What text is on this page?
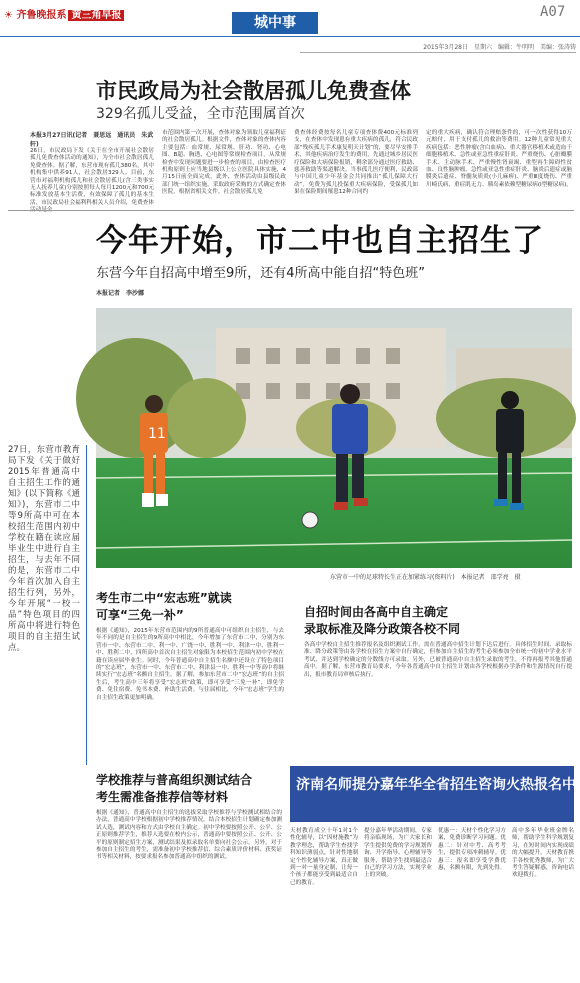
☀ 齐鲁晚报系 黄三角早报	城中事
A07
2015年3月28日　星期六　编辑：牛明明　美编：张涛铸
市民政局为社会散居孤儿免费查体
329名孤儿受益，全市范围属首次
本报3月27日讯(记者　聂思远　通讯员　朱武轩)
26日，市民政局下发《关于在全市开展社会散居孤儿免费查体活动的通知》，为全市社会散居孤儿免费查体。据了解，东营市现有孤儿380名，其中机构集中供养91人，社会散居329人。目前，东营市对福利机构孤儿和社会散居孤儿(含三类事实无人抚养儿童)分别按照每人每月1200元和700元标准发放基本生活费，有效保障了孤儿的基本生活，市民政局社会福利科相关人员介绍，免费查体
市范围内第一次开展，查体对象为领取儿童福利证的社会散居孤儿。根据文件，查体对象的查体内容主要包括：血常规、尿常规、肝功、肾功、心电图、B超、胸透、心电图等常规检查项目，从常规检查中发现问题要进一步检查的项目，由检查医疗机构原则上应当地县级以上公立医院具体实施，4月15日前全面完成。此外，查体活动由县级民政部门统一组织实施，采取政府采购的方式确定查体医院，根据省相关文件，社会散居孤儿免
费查体经费按每名儿童专项查体费400元标准列支，在查体中发现患有重大疾病的孤儿，符合民政部“残疾孤儿手术康复明天计划”的，要尽早安排手术，其他疾病治疗发生的费用，先通过城乡居民医疗保险和大病保险报销，剩余部分通过医疗救助、慈善救助等渠道解决。当事孤儿医疗便利，民政部与中国儿童少年基金会共同推出“孤儿保障大行动”，免费为孤儿投保重大疾病保险，受保孤儿如果在保险期间罹患12种合同约
定的重大疾病，确认符合理赔条件的，可一次性获得10万元赔付，用于支付孤儿的救治等费用。12种儿童常见重大疾病包括：恶性肿瘤(含白血病)、重大器官移植术或造血干细胞移植术、急性或亚急性重症肝炎、严重烧伤、心脏瓣膜手术、主动脉手术、严重慢性肾衰竭、重型再生障碍性贫血、良性脑肿瘤、急性或亚急性重症肝炎、脑炎后遗症或脑膜炎后遗症、脊髓灰质炎(小儿麻痹)、严重Ⅲ度烧伤、严重川崎氏病、重症肌无力、胰岛素依赖型糖尿病(Ⅰ型糖尿病)。
今年开始，市二中也自主招生了
东营今年自招高中增至9所，还有4所高中能自招“特色班”
本报记者　李沙娜
11
东营市一中的足球特长生正在加紧练习(资料片)　本报记者　邵学亮　摄
27日，东营市教育局下发《关于做好2015年普通高中自主招生工作的通知》(以下简称《通知》)，东营市二中等9所高中可在本校招生范围内初中学校在籍在读应届毕业生中进行自主招生，与去年不同的是，东营市二中今年首次加入自主招生行列，另外，今年开展“一校一品”特色项目的四所高中将进行特色项目的自主招生试点。
考生市二中“宏志班”就读
可享“三免一补”
根据《通知》，2015年东营市范围内的9所普通高中可组织自主招生，与去年不同的是自主招生的9所高中中相比，今年增加了东营市二中，分别为东营市一中、东营市二中、利一中、广饶一中、胜利一中、利津一中、胜利一中、胜利二中，四所高中首次自主招生对象限为本校招生范围内初中学校在籍在读应届毕业生。同时，今年普通高中自主招生名额中还设立了特色项目的“宏志班”，东营市一中、东营市二中、利津县一中、胜利一中等高中将继续实行“宏志班”名额自主招生。据了解，参加东营市二中“宏志班”的自主招生后，考生高中三年将享受“宏志班”政策，即可享受“三免一补”，即免学费、免住宿费、免书本费、补助生活费。与往届相比，今年“宏志班”学生的自主招生政策更加明确。
学校推荐与普高组织测试结合
考生需准备推荐信等材料
根据《通知》，普通高中自主招生的选拔采取学校推荐与学校测试相结合的办法，普通高中学校根据初中学校推荐情况，结合本校招生计划确定参加测试人选，测试内容和方式由学校自主确定。初中学校要按照公开、公平、公正原则推荐学生，推荐人选要在校内公示，普通高中要按照公正、公开、公平的原则制定招生方案，测试结果及拟录取名单要向社会公示。另外，对于参加自主招生的考生，需准备初中学校推荐信、综合素质评价材料、获奖证书等相关材料，按要求报名参加普通高中组织的测试。
自招时间由各高中自主确定
录取标准及降分政策各校不同
各高中学校自主招生推荐报名及组织测试工作，需在普通高中招生计划下达后进行。具体招生时间、录取标准、降分政策等由各学校在招生方案中自行确定，但参加自主招生的考生必须参加全市统一的初中学业水平考试，并达到学校确定的分数线方可录取。另外，已被普通高中自主招生录取的考生，不得再报考其他普通高中。据了解，东营市教育局要求，今年各普通高中自主招生计划由各学校根据办学条件和生源情况自行提出，报市教育局审核后执行。
济南名师提分嘉年华全省招生咨询火热报名中
天材教育成立十年1对1个性化辅导，以“因材施教”为教学理念，帮助学生查找学科知识薄弱点，针对性地制定个性化辅导方案，真正做到一对一量身定制，让每一个孩子都能享受到最适合自己的教育。
提分嘉年华活动期间，专家将亲临现场，为广大家长和学生提供免费的学习规划咨询、升学指导、心理辅导等服务，帮助学生找到最适合自己的学习方法，实现学业上的突破。
优惠一：天材个性化学习方案，免费诊断学习问题。优惠二：针对中考、高考考生，提供专项冲刺辅导。优惠三：报名即享受学费优惠，名额有限，先到先得。
高中多年毕业班金牌名师，帮助学生科学规划复习，在短时间内实现成绩的大幅提升。天材教育携手各校优秀教师，为广大考生答疑解惑，咨询电话欢迎拨打。
